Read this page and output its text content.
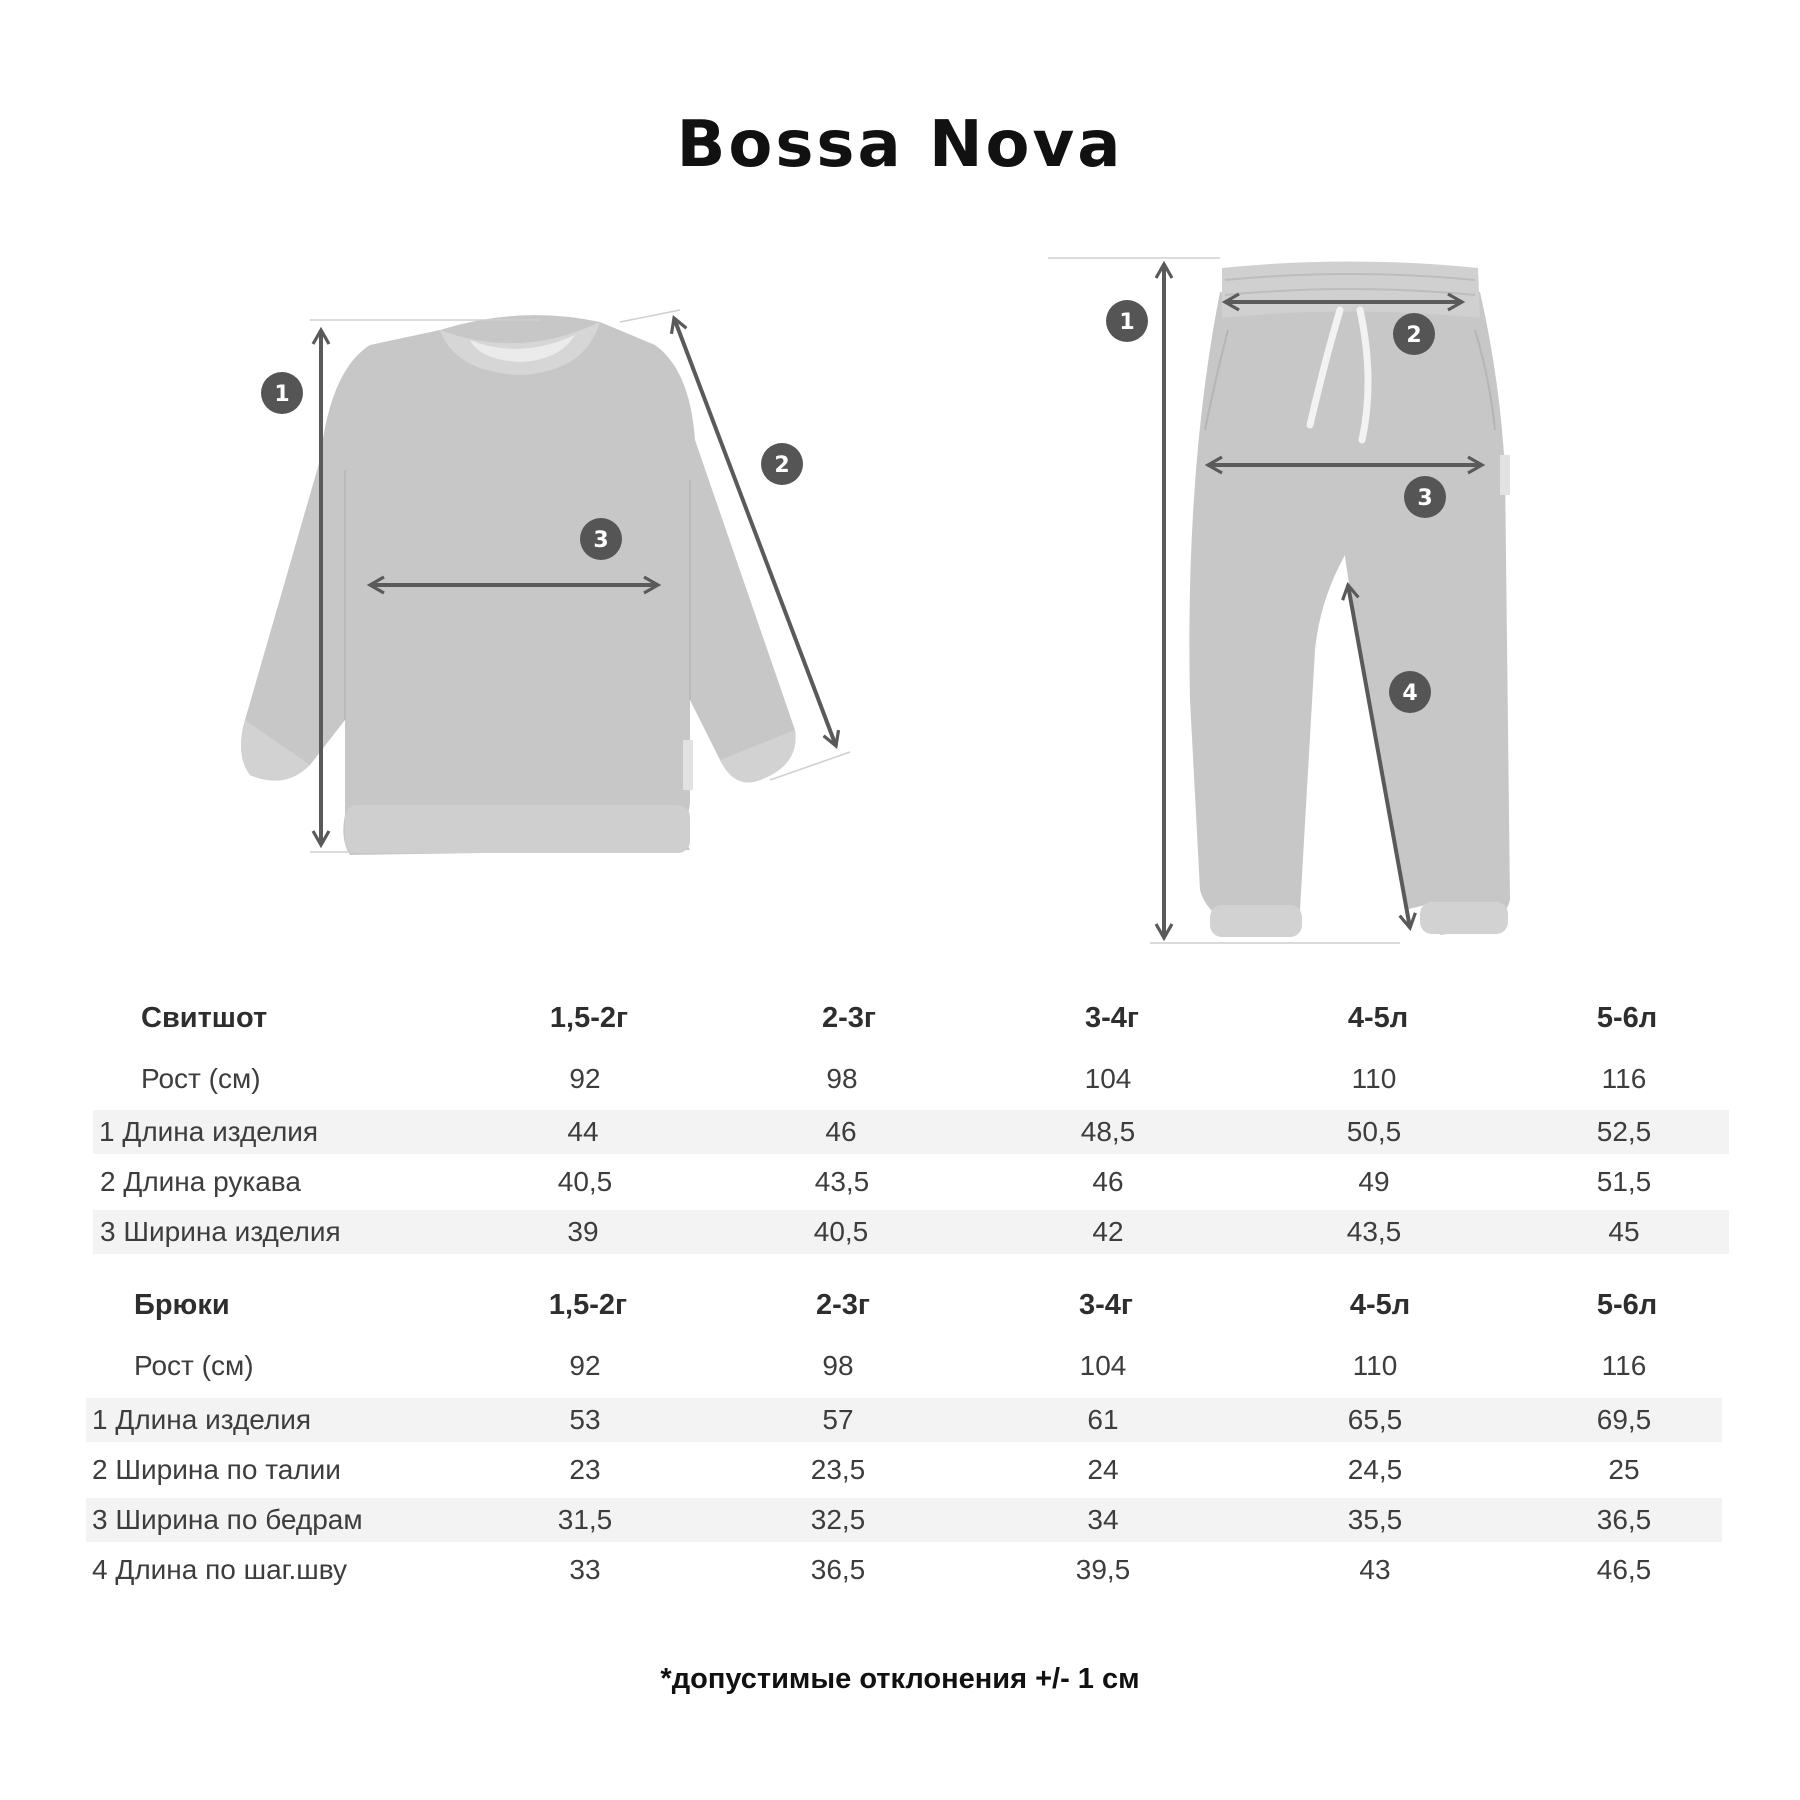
Bossa Nova
1
2
3
1
2
3
4
Свитшот	1,5-2г	2-3г	3-4г	4-5л	5-6л
Рост (см)	92	98	104	110	116
1 Длина изделия	44	46	48,5	50,5	52,5
2 Длина рукава	40,5	43,5	46	49	51,5
3 Ширина изделия	39	40,5	42	43,5	45
Брюки	1,5-2г	2-3г	3-4г	4-5л	5-6л
Рост (см)	92	98	104	110	116
1 Длина изделия	53	57	61	65,5	69,5
2 Ширина по талии	23	23,5	24	24,5	25
3 Ширина по бедрам	31,5	32,5	34	35,5	36,5
4 Длина по шаг.шву	33	36,5	39,5	43	46,5
*допустимые отклонения +/- 1 см
